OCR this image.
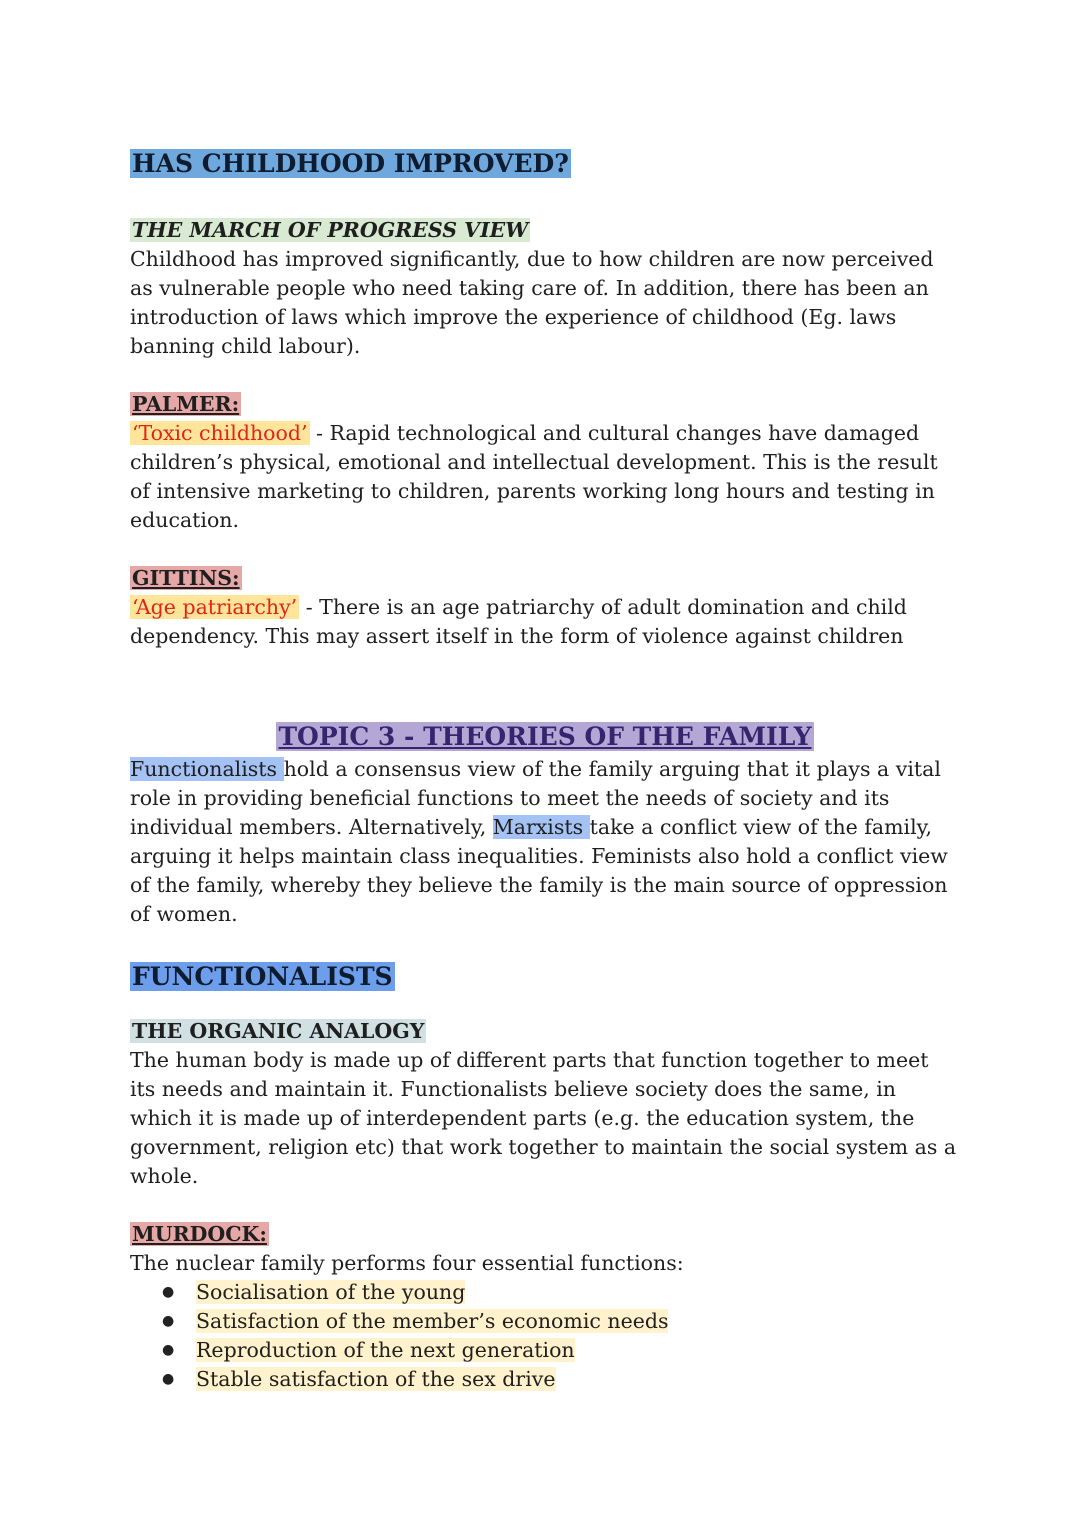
HAS CHILDHOOD IMPROVED?

THE MARCH OF PROGRESS VIEW

Childhood has improved significantly, due to how children are now perceived as vulnerable people who need taking care of. In addition, there has been an introduction of laws which improve the experience of childhood (Eg. laws banning child labour).

PALMER:

‘Toxic childhood’ - Rapid technological and cultural changes have damaged children’s physical, emotional and intellectual development. This is the result of intensive marketing to children, parents working long hours and testing in education.

GITTINS:

‘Age patriarchy’ - There is an age patriarchy of adult domination and child dependency. This may assert itself in the form of violence against children

TOPIC 3 - THEORIES OF THE FAMILY

Functionalists hold a consensus view of the family arguing that it plays a vital role in providing beneficial functions to meet the needs of society and its individual members. Alternatively, Marxists take a conflict view of the family, arguing it helps maintain class inequalities. Feminists also hold a conflict view of the family, whereby they believe the family is the main source of oppression of women.

FUNCTIONALISTS

THE ORGANIC ANALOGY

The human body is made up of different parts that function together to meet its needs and maintain it. Functionalists believe society does the same, in which it is made up of interdependent parts (e.g. the education system, the government, religion etc) that work together to maintain the social system as a whole.

MURDOCK:

The nuclear family performs four essential functions:

● Socialisation of the young
● Satisfaction of the member’s economic needs
● Reproduction of the next generation
● Stable satisfaction of the sex drive
